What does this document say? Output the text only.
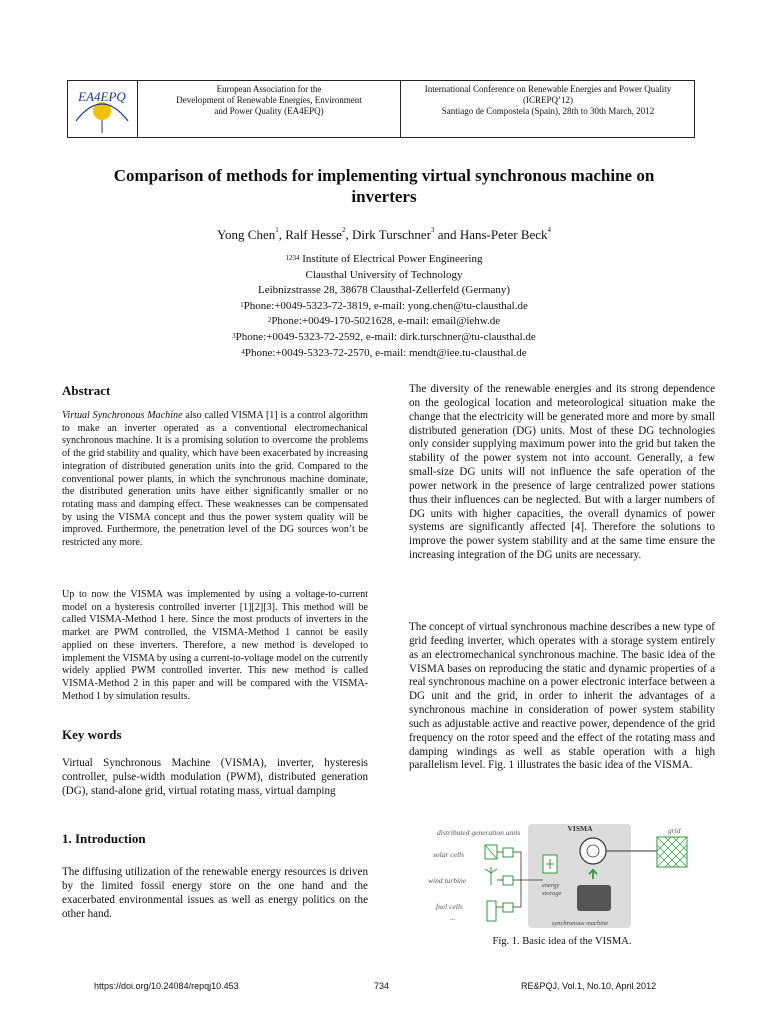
EA4EPQ	European Association for the
Development of Renewable Energies, Environment
and Power Quality (EA4EPQ)
International Conference on Renewable Energies and Power Quality
(ICREPQ’12)
Santiago de Compostela (Spain), 28th to 30th March, 2012
Comparison of methods for implementing virtual synchronous machine on
inverters
Yong Chen$^1$, Ralf Hesse$^2$, Dirk Turschner$^3$ and Hans-Peter Beck$^4$
$^{1234}$ Institute of Electrical Power Engineering
Clausthal University of Technology
Leibnizstrasse 28, 38678 Clausthal-Zellerfeld (Germany)
$^1$Phone:+0049-5323-72-3819, e-mail: yong.chen@tu-clausthal.de
$^2$Phone:+0049-170-5021628, e-mail: email@iehw.de
$^3$Phone:+0049-5323-72-2592, e-mail: dirk.turschner@tu-clausthal.de
$^4$Phone:+0049-5323-72-2570, e-mail: mendt@iee.tu-clausthal.de
Abstract
Virtual Synchronous Machine also called VISMA [1] is a control algorithm to make an inverter operated as a conventional electromechanical synchronous machine. It is a promising solution to overcome the problems of the grid stability and quality, which have been exacerbated by increasing integration of distributed generation units into the grid. Compared to the conventional power plants, in which the synchronous machine dominate, the distributed generation units have either significantly smaller or no rotating mass and damping effect. These weaknesses can be compensated by using the VISMA concept and thus the power system quality will be improved. Furthermore, the penetration level of the DG sources won’t be restricted any more.
Up to now the VISMA was implemented by using a voltage-to-current model on a hysteresis controlled inverter [1][2][3]. This method will be called VISMA-Method 1 here. Since the most products of inverters in the market are PWM controlled, the VISMA-Method 1 cannot be easily applied on these inverters. Therefore, a new method is developed to implement the VISMA by using a current-to-voltage model on the currently widely applied PWM controlled inverter. This new method is called VISMA-Method 2 in this paper and will be compared with the VISMA-Method 1 by simulation results.
Key words
Virtual Synchronous Machine (VISMA), inverter, hysteresis controller, pulse-width modulation (PWM), distributed generation (DG), stand-alone grid, virtual rotating mass, virtual damping
1. Introduction
The diffusing utilization of the renewable energy resources is driven by the limited fossil energy store on the one hand and the exacerbated environmental issues as well as energy politics on the other hand.
The diversity of the renewable energies and its strong dependence on the geological location and meteorological situation make the change that the electricity will be generated more and more by small distributed generation (DG) units. Most of these DG technologies only consider supplying maximum power into the grid but taken the stability of the power system not into account. Generally, a few small-size DG units will not influence the safe operation of the power network in the presence of large centralized power stations thus their influences can be neglected. But with a larger numbers of DG units with higher capacities, the overall dynamics of power systems are significantly affected [4]. Therefore the solutions to improve the power system stability and at the same time ensure the increasing integration of the DG units are necessary.
The concept of virtual synchronous machine describes a new type of grid feeding inverter, which operates with a storage system entirely as an electromechanical synchronous machine. The basic idea of the VISMA bases on reproducing the static and dynamic properties of a real synchronous machine on a power electronic interface between a DG unit and the grid, in order to inherit the advantages of a synchronous machine in consideration of power system stability such as adjustable active and reactive power, dependence of the grid frequency on the rotor speed and the effect of the rotating mass and damping windings as well as stable operation with a high parallelism level. Fig. 1 illustrates the basic idea of the VISMA.
distributed generation units	VISMA	grid
solar cells
wind turbine
fuel cells
...
energy
storage
synchronous machine
Fig. 1. Basic idea of the VISMA.
https://doi.org/10.24084/repqj10.453	734	RE&PQJ, Vol.1, No.10, April 2012
